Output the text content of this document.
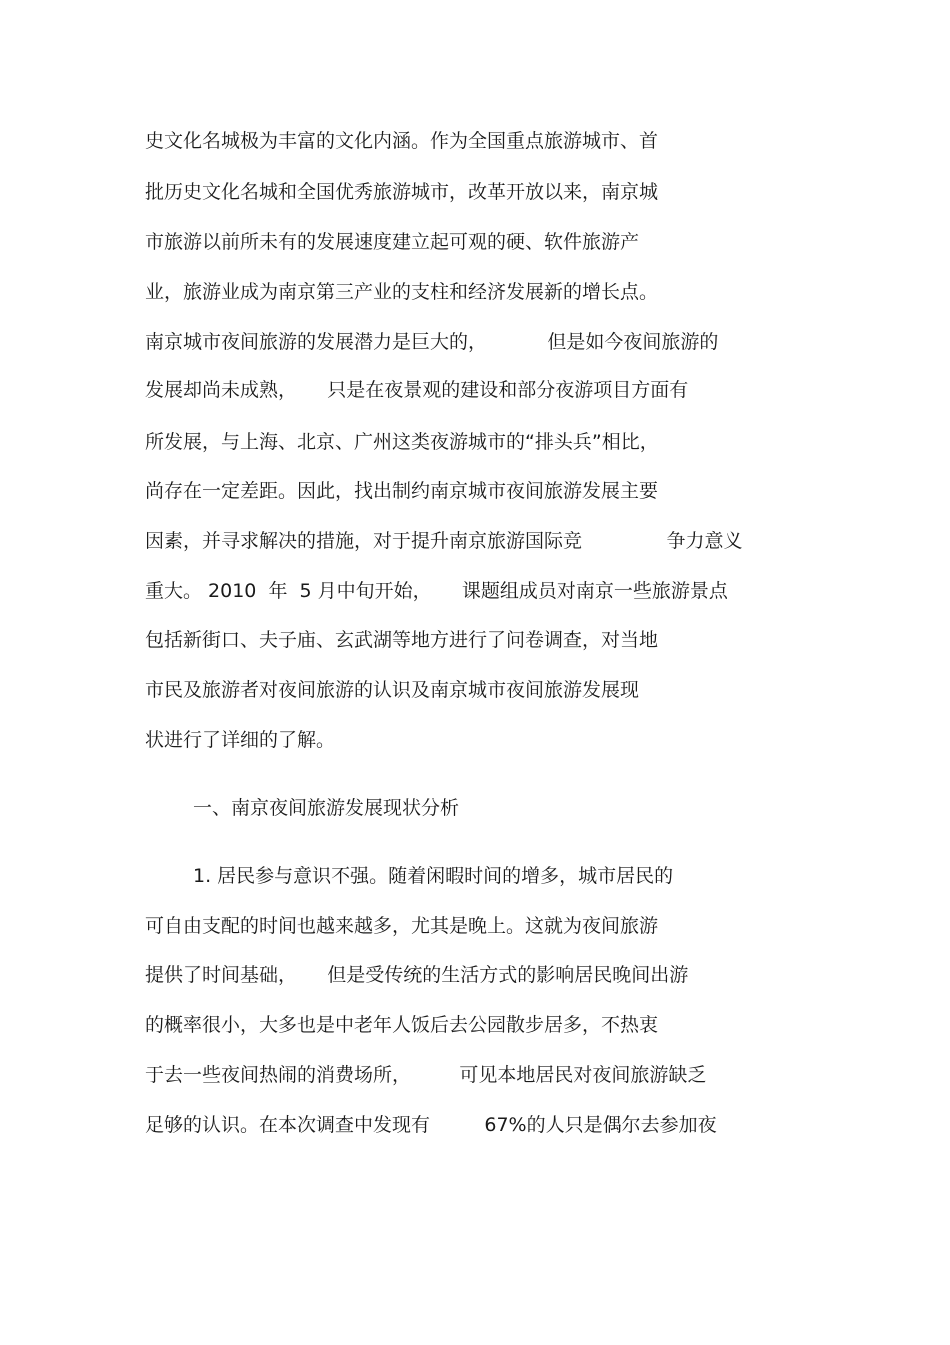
史文化名城极为丰富的文化内涵。作为全国重点旅游城市、首
批历史文化名城和全国优秀旅游城市，改革开放以来，南京城
市旅游以前所未有的发展速度建立起可观的硬、软件旅游产
业，旅游业成为南京第三产业的支柱和经济发展新的增长点。
南京城市夜间旅游的发展潜力是巨大的，          但是如今夜间旅游的
发展却尚未成熟，     只是在夜景观的建设和部分夜游项目方面有
所发展，与上海、北京、广州这类夜游城市的“排头兵”相比，
尚存在一定差距。因此，找出制约南京城市夜间旅游发展主要
因素，并寻求解决的措施，对于提升南京旅游国际竞              争力意义
重大。 2010  年  5 月中旬开始，     课题组成员对南京一些旅游景点
包括新街口、夫子庙、玄武湖等地方进行了问卷调查，对当地
市民及旅游者对夜间旅游的认识及南京城市夜间旅游发展现
状进行了详细的了解。
一、南京夜间旅游发展现状分析
1. 居民参与意识不强。随着闲暇时间的增多，城市居民的
可自由支配的时间也越来越多，尤其是晚上。这就为夜间旅游
提供了时间基础，     但是受传统的生活方式的影响居民晚间出游
的概率很小，大多也是中老年人饭后去公园散步居多，不热衷
于去一些夜间热闹的消费场所，        可见本地居民对夜间旅游缺乏
足够的认识。在本次调查中发现有         67%的人只是偶尔去参加夜
